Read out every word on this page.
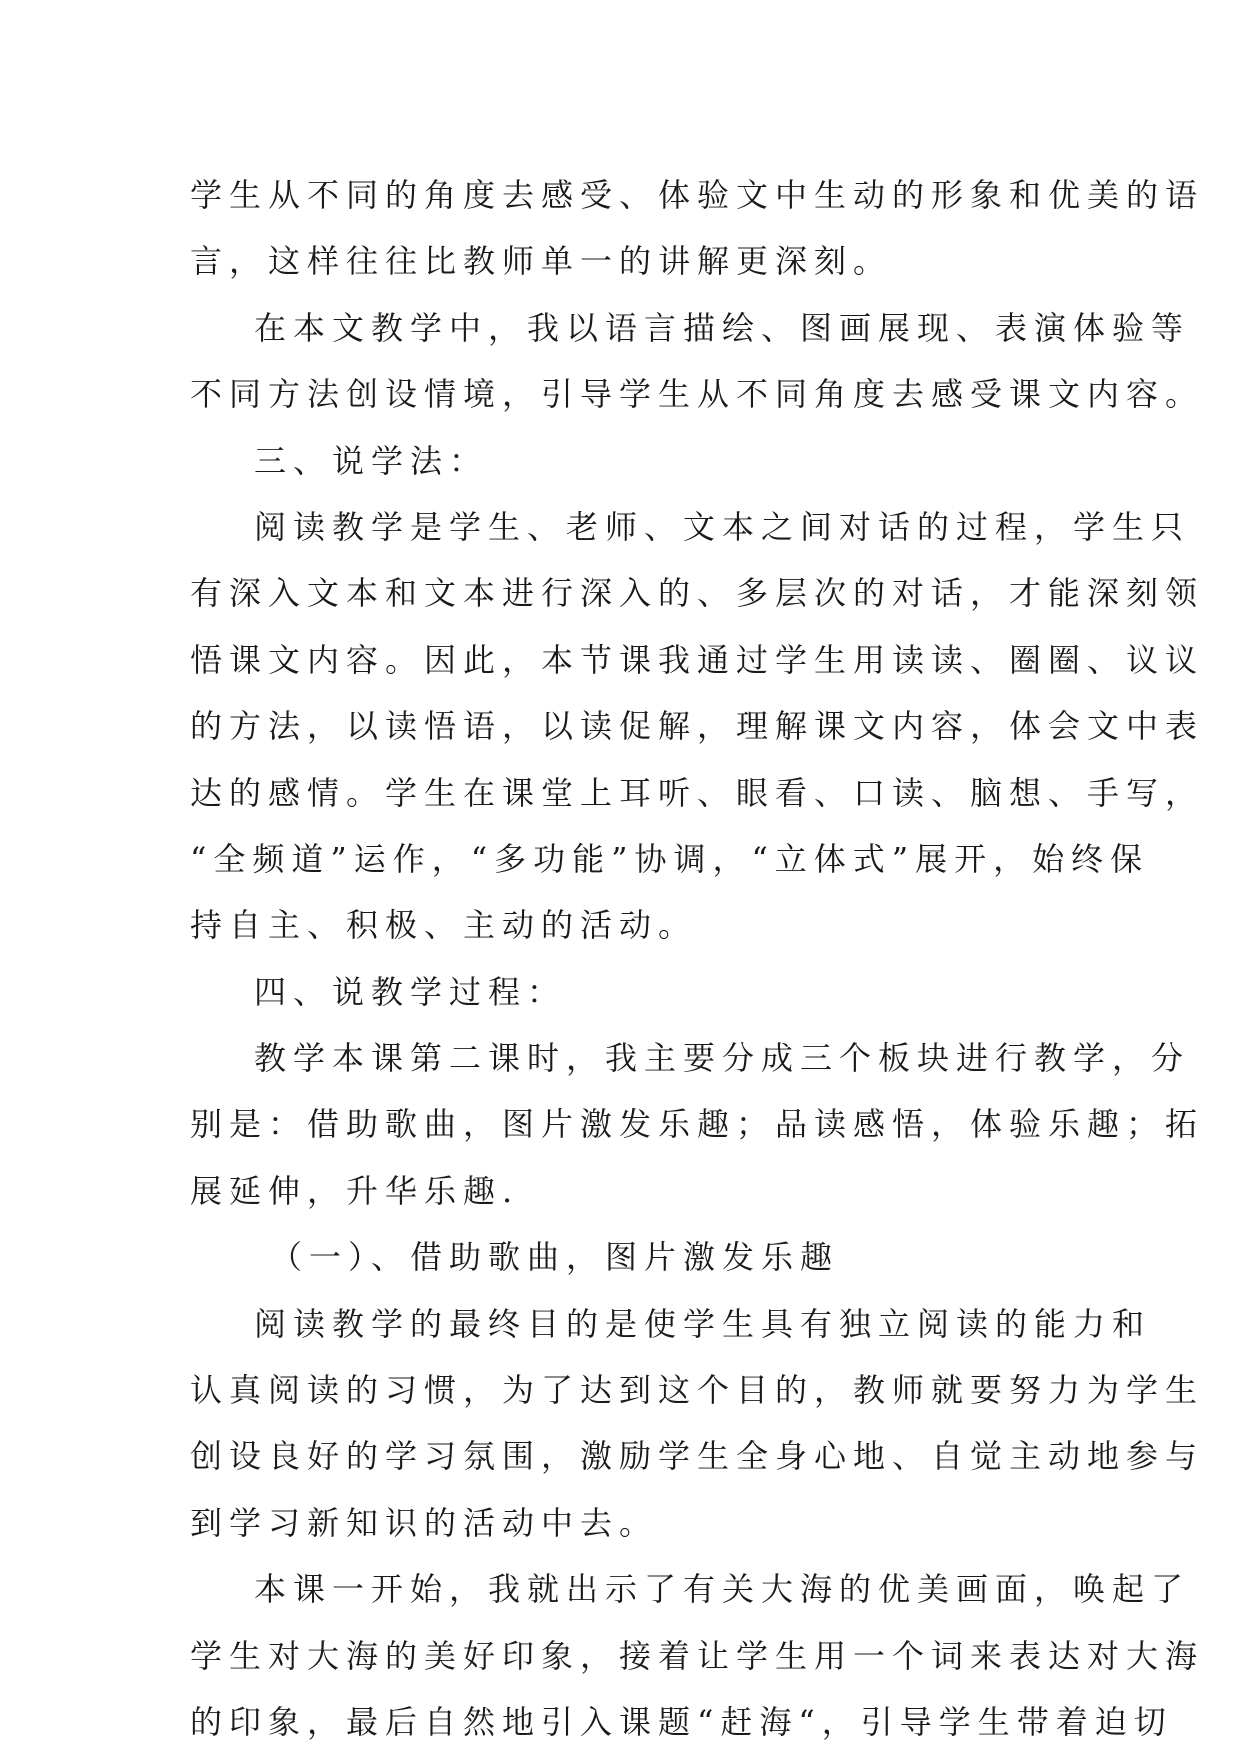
学生从不同的角度去感受、体验文中生动的形象和优美的语
言，这样往往比教师单一的讲解更深刻。
在本文教学中，我以语言描绘、图画展现、表演体验等
不同方法创设情境，引导学生从不同角度去感受课文内容。
三、说学法：
阅读教学是学生、老师、文本之间对话的过程，学生只
有深入文本和文本进行深入的、多层次的对话，才能深刻领
悟课文内容。因此，本节课我通过学生用读读、圈圈、议议
的方法，以读悟语，以读促解，理解课文内容，体会文中表
达的感情。学生在课堂上耳听、眼看、口读、脑想、手写，
“全频道”运作，“多功能”协调，“立体式”展开，始终保
持自主、积极、主动的活动。
四、说教学过程：
教学本课第二课时，我主要分成三个板块进行教学，分
别是：借助歌曲，图片激发乐趣；品读感悟，体验乐趣；拓
展延伸，升华乐趣.
（一）、借助歌曲，图片激发乐趣
阅读教学的最终目的是使学生具有独立阅读的能力和
认真阅读的习惯，为了达到这个目的，教师就要努力为学生
创设良好的学习氛围，激励学生全身心地、自觉主动地参与
到学习新知识的活动中去。
本课一开始，我就出示了有关大海的优美画面，唤起了
学生对大海的美好印象，接着让学生用一个词来表达对大海
的印象，最后自然地引入课题“赶海“，引导学生带着迫切
